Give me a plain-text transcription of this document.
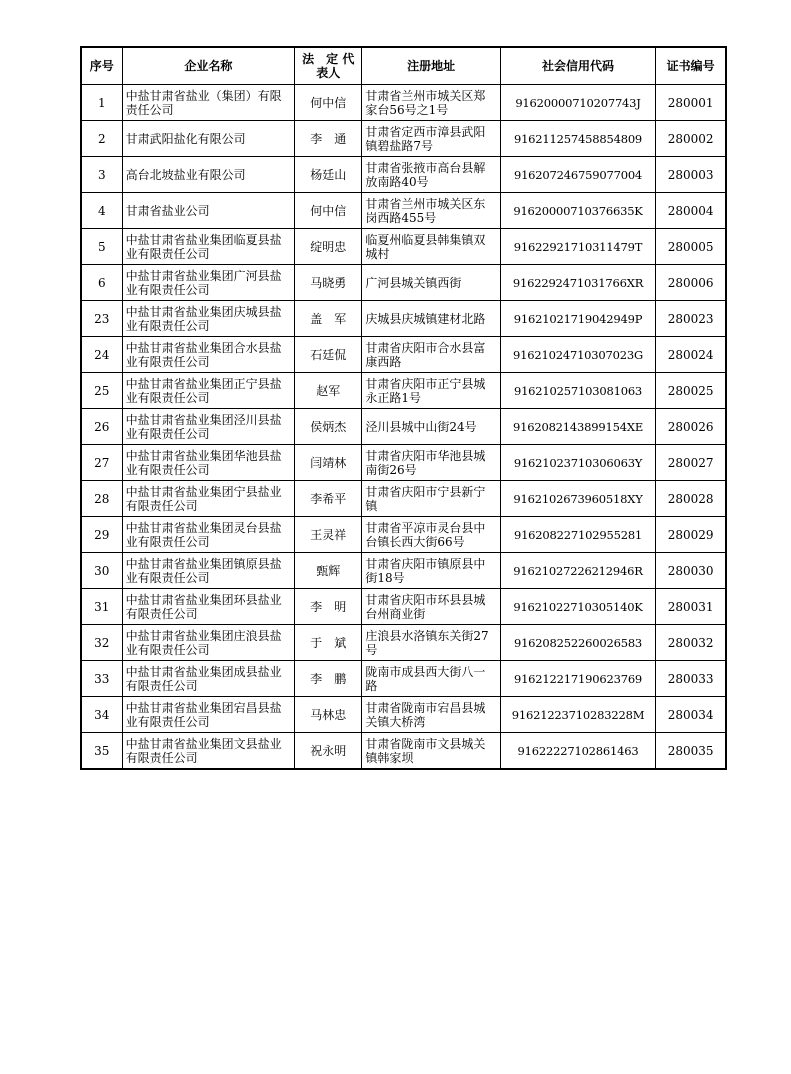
序号	企业名称	法　定 代表人	注册地址	社会信用代码	证书编号
1	中盐甘肃省盐业（集团）有限责任公司	何中信	甘肃省兰州市城关区郑家台56号之1号	91620000710207743J	280001
2	甘肃武阳盐化有限公司	李　通	甘肃省定西市漳县武阳镇碧盐路7号	916211257458854809	280002
3	高台北坡盐业有限公司	杨廷山	甘肃省张掖市高台县解放南路40号	916207246759077004	280003
4	甘肃省盐业公司	何中信	甘肃省兰州市城关区东岗西路455号	91620000710376635K	280004
5	中盐甘肃省盐业集团临夏县盐业有限责任公司	绽明忠	临夏州临夏县韩集镇双城村	91622921710311479T	280005
6	中盐甘肃省盐业集团广河县盐业有限责任公司	马晓勇	广河县城关镇西街	9162292471031766XR	280006
23	中盐甘肃省盐业集团庆城县盐业有限责任公司	盖　军	庆城县庆城镇建材北路	91621021719042949P	280023
24	中盐甘肃省盐业集团合水县盐业有限责任公司	石廷侃	甘肃省庆阳市合水县富康西路	91621024710307023G	280024
25	中盐甘肃省盐业集团正宁县盐业有限责任公司	赵军	甘肃省庆阳市正宁县城永正路1号	916210257103081063	280025
26	中盐甘肃省盐业集团泾川县盐业有限责任公司	侯炳杰	泾川县城中山街24号	9162082143899154XE	280026
27	中盐甘肃省盐业集团华池县盐业有限责任公司	闫靖林	甘肃省庆阳市华池县城南街26号	91621023710306063Y	280027
28	中盐甘肃省盐业集团宁县盐业有限责任公司	李希平	甘肃省庆阳市宁县新宁镇	9162102673960518XY	280028
29	中盐甘肃省盐业集团灵台县盐业有限责任公司	王灵祥	甘肃省平凉市灵台县中台镇长西大街66号	916208227102955281	280029
30	中盐甘肃省盐业集团镇原县盐业有限责任公司	甄辉	甘肃省庆阳市镇原县中街18号	91621027226212946R	280030
31	中盐甘肃省盐业集团环县盐业有限责任公司	李　明	甘肃省庆阳市环县县城台州商业街	91621022710305140K	280031
32	中盐甘肃省盐业集团庄浪县盐业有限责任公司	于　斌	庄浪县水洛镇东关街27号	916208252260026583	280032
33	中盐甘肃省盐业集团成县盐业有限责任公司	李　鹏	陇南市成县西大街八一路	916212217190623769	280033
34	中盐甘肃省盐业集团宕昌县盐业有限责任公司	马林忠	甘肃省陇南市宕昌县城关镇大桥湾	91621223710283228M	280034
35	中盐甘肃省盐业集团文县盐业有限责任公司	祝永明	甘肃省陇南市文县城关镇韩家坝	91622227102861463	280035
